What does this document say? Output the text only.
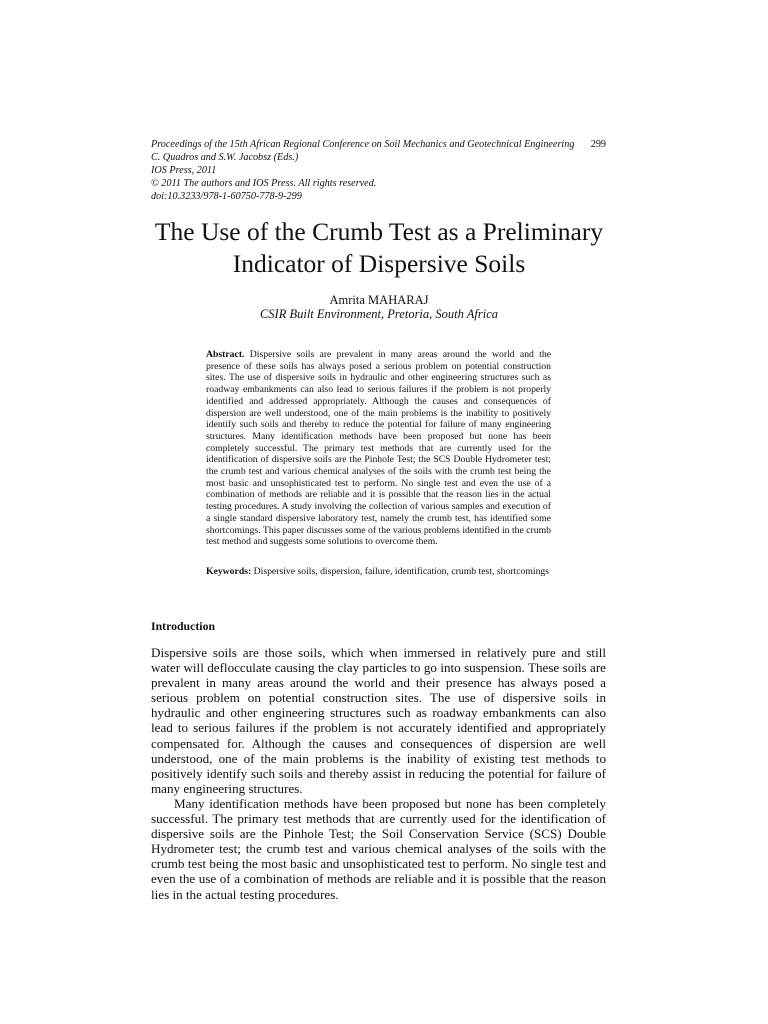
Proceedings of the 15th African Regional Conference on Soil Mechanics and Geotechnical Engineering	299
C. Quadros and S.W. Jacobsz (Eds.)
IOS Press, 2011
© 2011 The authors and IOS Press. All rights reserved.
doi:10.3233/978-1-60750-778-9-299
The Use of the Crumb Test as a Preliminary Indicator of Dispersive Soils
Amrita MAHARAJ
CSIR Built Environment, Pretoria, South Africa

Abstract. Dispersive soils are prevalent in many areas around the world and the presence of these soils has always posed a serious problem on potential construction sites. The use of dispersive soils in hydraulic and other engineering structures such as roadway embankments can also lead to serious failures if the problem is not properly identified and addressed appropriately. Although the causes and consequences of dispersion are well understood, one of the main problems is the inability to positively identify such soils and thereby to reduce the potential for failure of many engineering structures. Many identification methods have been proposed but none has been completely successful. The primary test methods that are currently used for the identification of dispersive soils are the Pinhole Test; the SCS Double Hydrometer test; the crumb test and various chemical analyses of the soils with the crumb test being the most basic and unsophisticated test to perform. No single test and even the use of a combination of methods are reliable and it is possible that the reason lies in the actual testing procedures. A study involving the collection of various samples and execution of a single standard dispersive laboratory test, namely the crumb test, has identified some shortcomings. This paper discusses some of the various problems identified in the crumb test method and suggests some solutions to overcome them.

Keywords: Dispersive soils, dispersion, failure, identification, crumb test, shortcomings

Introduction

Dispersive soils are those soils, which when immersed in relatively pure and still water will deflocculate causing the clay particles to go into suspension. These soils are prevalent in many areas around the world and their presence has always posed a serious problem on potential construction sites. The use of dispersive soils in hydraulic and other engineering structures such as roadway embankments can also lead to serious failures if the problem is not accurately identified and appropriately compensated for. Although the causes and consequences of dispersion are well understood, one of the main problems is the inability of existing test methods to positively identify such soils and thereby assist in reducing the potential for failure of many engineering structures.

Many identification methods have been proposed but none has been completely successful. The primary test methods that are currently used for the identification of dispersive soils are the Pinhole Test; the Soil Conservation Service (SCS) Double Hydrometer test; the crumb test and various chemical analyses of the soils with the crumb test being the most basic and unsophisticated test to perform. No single test and even the use of a combination of methods are reliable and it is possible that the reason lies in the actual testing procedures.
